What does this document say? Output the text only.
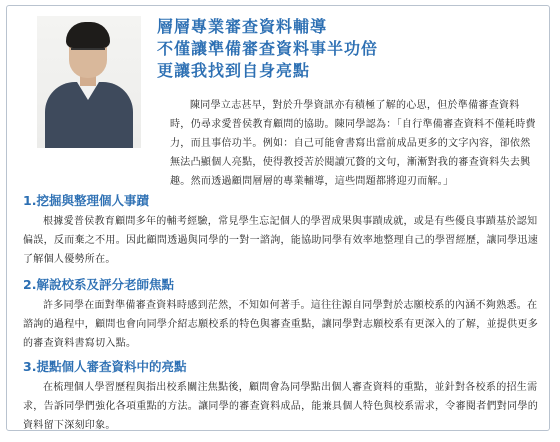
層層專業審查資料輔導
不僅讓準備審查資料事半功倍
更讓我找到自身亮點

陳同學立志甚早，對於升學資訊亦有積極了解的心思，但於準備審查資料時，仍尋求愛普侯教育顧問的協助。陳同學認為：「自行準備審查資料不僅耗時費力，而且事倍功半。例如：自己可能會書寫出當前成品更多的文字內容，卻依然無法凸顯個人亮點，使得教授苦於閱讀冗贅的文句，漸漸對我的審查資料失去興趣。然而透過顧問層層的專業輔導，這些問題都將迎刃而解。」

1.挖掘與整理個人事蹟

根據愛普侯教育顧問多年的輔考經驗，常見學生忘記個人的學習成果與事蹟成就，或是有些優良事蹟基於認知偏誤，反而棄之不用。因此顧問透過與同學的一對一諮詢，能協助同學有效率地整理自己的學習經歷，讓同學迅速了解個人優勢所在。

2.解說校系及評分老師焦點

許多同學在面對準備審查資料時感到茫然，不知如何著手。這往往源自同學對於志願校系的內涵不夠熟悉。在諮詢的過程中，顧問也會向同學介紹志願校系的特色與審查重點，讓同學對志願校系有更深入的了解，並提供更多的審查資料書寫切入點。

3.提點個人審查資料中的亮點

在梳理個人學習歷程與指出校系關注焦點後，顧問會為同學點出個人審查資料的重點，並針對各校系的招生需求，告訴同學們強化各項重點的方法。讓同學的審查資料成品，能兼具個人特色與校系需求，令審閱者們對同學的資料留下深刻印象。
